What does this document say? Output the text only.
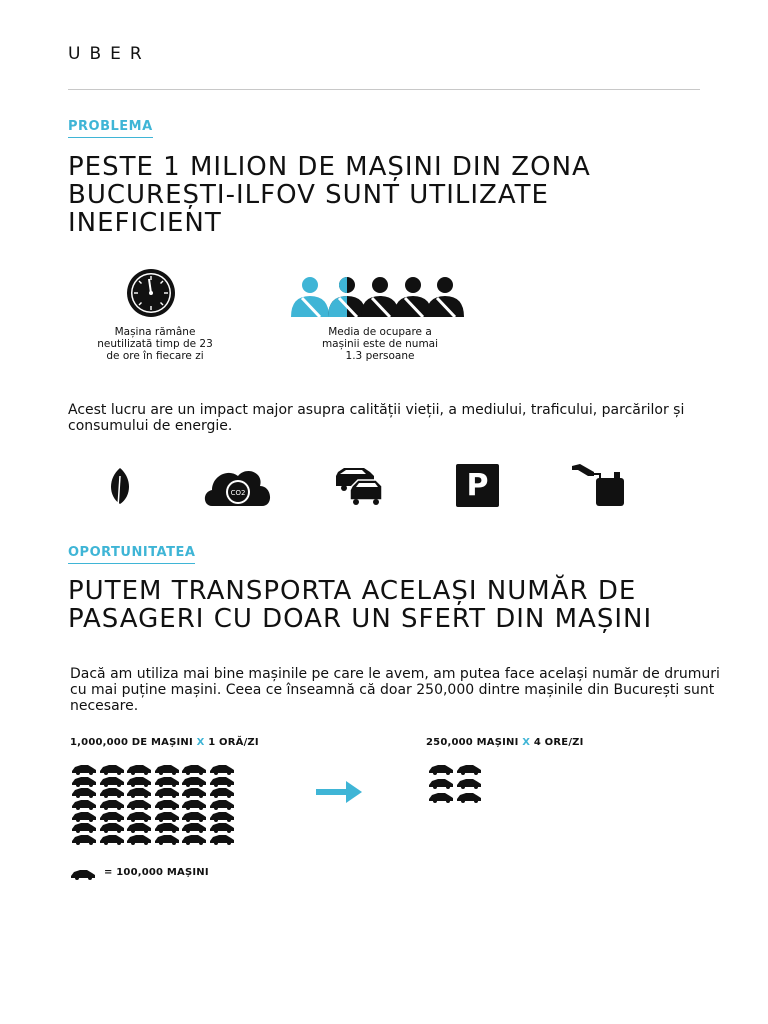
UBER
PROBLEMA
PESTE 1 MILION DE MAȘINI DIN ZONA
BUCUREȘTI-ILFOV SUNT UTILIZATE
INEFICIENT
Mașina rămâne
neutilizată timp de 23
de ore în fiecare zi
Media de ocupare a
mașinii este de numai
1.3 persoane
Acest lucru are un impact major asupra calității vieții, a mediului, traficului, parcărilor și
consumului de energie.
CO2	P
OPORTUNITATEA
PUTEM TRANSPORTA ACELAȘI NUMĂR DE
PASAGERI CU DOAR UN SFERT DIN MAȘINI
Dacă am utiliza mai bine mașinile pe care le avem, am putea face același număr de drumuri
cu mai puține mașini. Ceea ce înseamnă că doar 250,000 dintre mașinile din București sunt
necesare.
1,000,000 DE MAȘINI X 1 ORĂ/ZI	250,000 MAȘINI X 4 ORE/ZI
= 100,000 MAȘINI
